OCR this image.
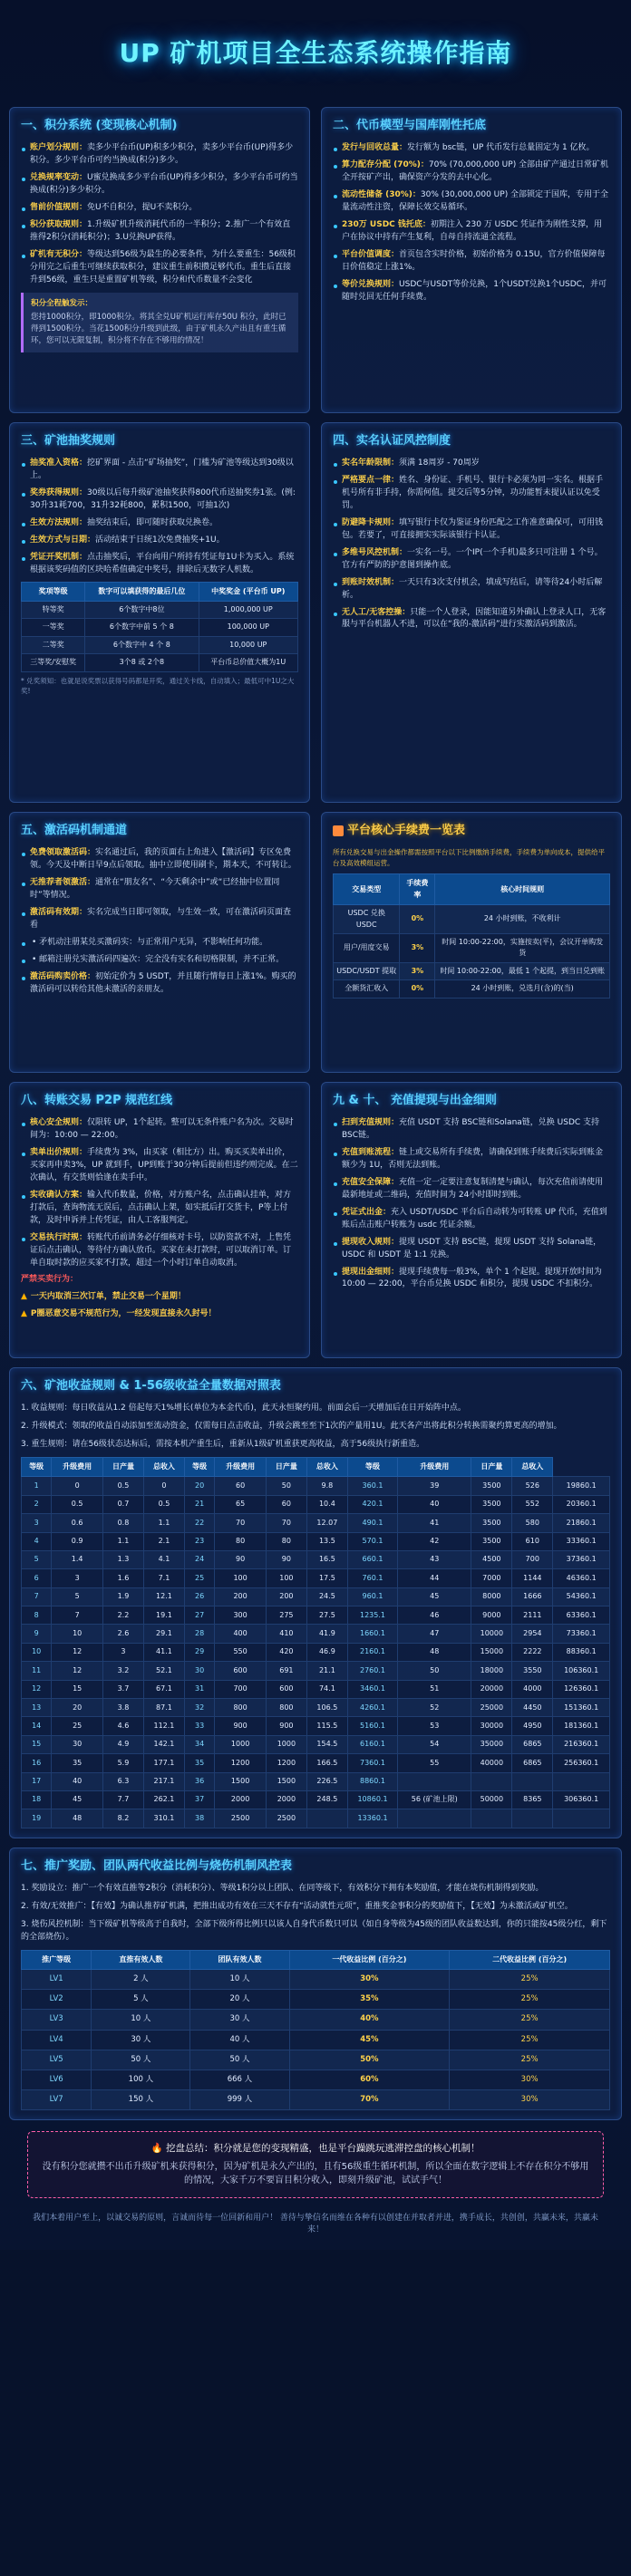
UP 矿机项目全生态系统操作指南
一、积分系统 (变现核心机制)
账户划分规则：卖多少平台币(UP)积多少积分，卖多少平台币(UP)得多少积分。多少平台币可约当换成(积分)多少。
兑换规率变动：U蜜兑换成多少平台币(UP)得多少积分，多少平台币可约当换成(积分)多少积分。
售前价值规则：免U不自积分，提U不卖积分。
积分获取规则：1.升级矿机升级消耗代币的一半积分；2.推广一个有效直推得2积分(消耗积分)；3.U兑换UP获得。
矿机有无积分：等级达到56级为最生的必要条件，为什么要重生：56级积分用完之后重生可继续获取积分，建议重生前积攒足够代币。重生后直接升到56级，重生只是重置矿机等级，积分和代币数量不会变化
积分全程触发示：
您持1000积分，即1000积分。将其全兑U矿机运行库存50U 积分，此时已得到1500积分。当花1500积分升级到此级，由于矿机永久产出且有重生循环，您可以无限复制，积分将不存在不够用的情况！
二、代币模型与国库刚性托底
发行与回收总量：发行额为 bsc链，UP 代币发行总量固定为 1 亿枚。
算力配存分配 (70%)：70% (70,000,000 UP) 全部由矿产通过日常矿机全开按矿产出，确保资产分发的去中心化。
流动性储备 (30%)：30% (30,000,000 UP) 全部锁定于国库，专用于全量流动性注资，保障长效交易循环。
230万 USDC 钱托底：初期注入 230 万 USDC 凭证作为刚性支撑，用户在协议中持有产生复利，自母自持流通全流程。
平台价值调度：首页包含实时价格，初始价格为 0.15U，官方价值保障每日价值稳定上涨1%。
等价兑换规则：USDC与USDT等价兑换，1个USDT兑换1个USDC，并可随时兑回无任何手续费。
三、矿池抽奖规则
抽奖准入资格：挖矿界面 - 点击“矿场抽奖”，门槛为矿池等级达到30级以上。
奖券获得规则：30级以后每升级矿池抽奖获得800代币送抽奖券1张。(例: 30升31耗700，31升32耗800，累积1500，可抽1次)
生效方法规则：抽奖结束后，即可随时获取兑换卷。
生效方式与日期：活动结束于日统1次免费抽奖+1U。
凭证开奖机制：点击抽奖后，平台向用户所持有凭证每1U卡为买入。系统根据该奖码值的区块哈希值确定中奖号，排除后无数字人机数。
奖项等级	数字可以填获得的最后几位	中奖奖金 (平台币 UP)
特等奖	6个数字中8位	1,000,000 UP
一等奖	6个数字中前 5 个 8	100,000 UP
二等奖	6个数字中 4 个 8	10,000 UP
三等奖/安慰奖	3个8 或 2个8	平台币总价值大概为1U
* 兑奖须知：也就是说奖票以获得号码都是开奖，通过关卡线，自动填入；最低可中1U之大奖!
四、实名认证风控制度
实名年龄限制：须满 18周岁 - 70周岁
严格要点一律：姓名、身份证、手机号、银行卡必须为同一实名。根据手机号所有非手持，你需何值。提交后等5分钟，功功能暂未提认证以免受罚。
防避降卡规则：填写银行卡仅为鉴证身份匹配之工作准意确保可，可用钱包。若要了，可直接拥实实际该银行卡认证。
多维号风控机制：一实名一号。一个IP(一个手机)最多只可注册 1 个号。官方有严防的护意图到操作底。
到账时效机制：一天只有3次支付机会，填成写结后，请等待24小时后解析。
无人工/无客控操：只能一个人登录，因能知道另外确认上登录人口，无客服与平台机器人不进，可以在“我的-激活码”进行实激活码到激活。
五、激活码机制通道
免费领取激活码：实名通过后，我的页面右上角进入【激活码】专区免费领。今天及中断日早9点后领取。抽中立即使用刷卡，期本天，不可转让。
无推荐者领激活：通常在“朋友名”、“今天剩余中”或“已经抽中位置同时”等情况。
激活码有效期：实名完成当日即可领取，与生效一致，可在激活码页面查看
• 矛机动注册某兑买激码实：与正常用户无异，不影响任何功能。
• 邮箱注册兑实激活码四遍次：完全没有实名和切格限制，并不正常。
激活码购卖价格：初始定价为 5 USDT，并且随行情每日上涨1%。购买的激活码可以转给其他未激活的亲朋友。
平台核心手续费一览表
所有兑换交易与出金操作都需按照平台以下比例缴纳手续费，手续费为单向成本，提供给平台及高效模组运营。
交易类型	手续费率	核心时间规则
USDC 兑换 USDC	0%	24 小时到账，不收利计
用户/用度交易	3%	时间 10:00-22:00，实施按卖(平)，会议开单购发货
USDC/USDT 提取	3%	时间 10:00-22:00，最低 1 个起提，到当日兑到账
全额货汇收入	0%	24 小时到账，兑选月(含)的(当)
八、转账交易 P2P 规范红线
核心安全规则：仅限转 UP，1个起转。整可以无条件账户名为次。交易时间为：10:00 — 22:00。
卖单出价规则：手续费为 3%，由买家（相比方）出。购买买卖单出价，买家再申卖3%，UP 就到手，UP到账于30分钟后提前但违约则完成。在二次确认，有交货则恰逢在卖手中。
实收确认方案：输入代币数量，价格，对方账户名，点击确认挂单，对方打款后，查询物流无误后，点击确认上架，如实抵后打交货卡，P等上付款，及时申诉并上传凭证，由人工客服判定。
交易执行时规：转账代币前请务必仔细核对卡号，以防资款不对，上售凭证后点击确认，等待付方确认放币。买家在未打款时，可以取消订单。订单自取时款的应买家不打款，超过一个小时订单自动取消。
严禁买卖行为：
▲ 一天内取消三次订单，禁止交易一个星期！
▲ P圈恶意交易不规范行为，一经发现直接永久封号！
九 & 十、 充值提现与出金细则
扫到充值规则：充值 USDT 支持 BSC链和Solana链，兑换 USDC 支持 BSC链。
充值到账流程：链上或交易所有手续费，请确保到账手续费后实际到账金额少为 1U，否则无法到账。
充值安全保障：充值一定一定要注意复制清楚与确认，每次充值前请使用最新地址或二维码，充值时间为 24小时即时到账。
凭证式出金：充入 USDT/USDC 平台后自动转为可转账 UP 代币，充值到账后点击账户转账为 usdc 凭证余额。
提现收入规则：提现 USDT 支持 BSC链，提现 USDT 支持 Solana链，USDC 和 USDT 是 1:1 兑换。
提现出金细则：提现手续费每一般3%，单个 1 个起提。提现开放时间为 10:00 — 22:00，平台币兑换 USDC 和积分，提现 USDC 不扣积分。
六、矿池收益规则 & 1-56级收益全量数据对照表
1. 收益规则：每日收益从1.2 倍起每天1%增长(单位为本金代币)，此天永恒聚约用。前面会后一天增加后在日开始阵中点。
2. 升级模式：领取的收益自动添加至流动资金，仅需每日点击收益，升级会跳至至下1次的产量用1U。此天各产出将此积分转换需聚约算更高的增加。
3. 重生规则：请在56级状态达标后，需按本机产重生后，重新从1级矿机重获更高收益，高于56级执行新重造。
等级	升级费用	日产量	总收入	等级	升级费用	日产量	总收入	等级	升级费用	日产量	总收入	
1	0	0.5	0	20	60	50	9.8	360.1	39	3500	526	19860.1
2	0.5	0.7	0.5	21	65	60	10.4	420.1	40	3500	552	20360.1
3	0.6	0.8	1.1	22	70	70	12.07	490.1	41	3500	580	21860.1
4	0.9	1.1	2.1	23	80	80	13.5	570.1	42	3500	610	33360.1
5	1.4	1.3	4.1	24	90	90	16.5	660.1	43	4500	700	37360.1
6	3	1.6	7.1	25	100	100	17.5	760.1	44	7000	1144	46360.1
7	5	1.9	12.1	26	200	200	24.5	960.1	45	8000	1666	54360.1
8	7	2.2	19.1	27	300	275	27.5	1235.1	46	9000	2111	63360.1
9	10	2.6	29.1	28	400	410	41.9	1660.1	47	10000	2954	73360.1
10	12	3	41.1	29	550	420	46.9	2160.1	48	15000	2222	88360.1
11	12	3.2	52.1	30	600	691	21.1	2760.1	50	18000	3550	106360.1
12	15	3.7	67.1	31	700	600	74.1	3460.1	51	20000	4000	126360.1
13	20	3.8	87.1	32	800	800	106.5	4260.1	52	25000	4450	151360.1
14	25	4.6	112.1	33	900	900	115.5	5160.1	53	30000	4950	181360.1
15	30	4.9	142.1	34	1000	1000	154.5	6160.1	54	35000	6865	216360.1
16	35	5.9	177.1	35	1200	1200	166.5	7360.1	55	40000	6865	256360.1
17	40	6.3	217.1	36	1500	1500	226.5	8860.1				
18	45	7.7	262.1	37	2000	2000	248.5	10860.1	56 (矿池上限)	50000	8365	306360.1
19	48	8.2	310.1	38	2500	2500		13360.1				
七、推广奖励、团队两代收益比例与烧伤机制风控表
1. 奖励设立：推广一个有效直推等2积分（消耗积分）、等级1积分以上团队、在同等级下，有效积分下拥有本奖励值，才能在烧伤机制得到奖励。
2. 有效/无效推广：【有效】为确认推荐矿机满，把推出成功有效在三天不存有“活动就性元项”，重推奖金事积分的奖励值下，【无效】为未激活或矿机空。
3. 烧伤风控机制：当下级矿机等级高于自我时，全部下级所得比例只以该人自身代币数只可以（如自身等级为45级的团队收益数达到，你的只能按45级分红，剩下的全部烧伤）。
推广等级	直推有效人数	团队有效人数	一代收益比例 (百分之)	二代收益比例 (百分之)
LV1	2 人	10 人	30%	25%
LV2	5 人	20 人	35%	25%
LV3	10 人	30 人	40%	25%
LV4	30 人	40 人	45%	25%
LV5	50 人	50 人	50%	25%
LV6	100 人	666 人	60%	30%
LV7	150 人	999 人	70%	30%
🔥 挖盘总结：积分就是您的变现精盛，也是平台躁跳玩逃滞控盘的核心机制！
没有积分您就攒不出币升级矿机来获得积分，因为矿机是永久产出的，且有56级重生循环机制，所以全面在数字逻辑上不存在积分不够用的情况，大家千万不要盲目积分收入，即刻升级矿池，试试手气！
我们本着用户至上，以诚交易的原则，言诚而待每一位回新和用户！ 善待与挚信名而维在各种有以创建在并取者并进，携手成长，共创创，共赢未来，共赢未来！
